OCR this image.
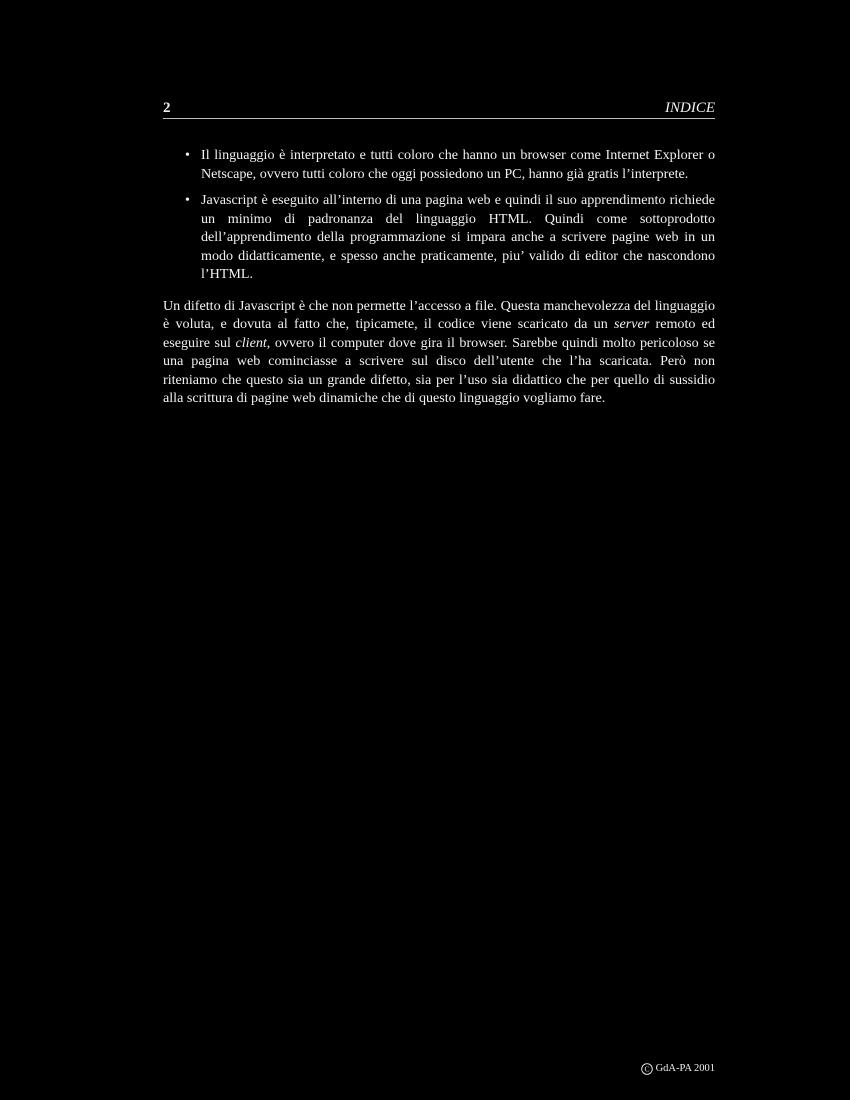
2	INDICE
• Il linguaggio è interpretato e tutti coloro che hanno un browser come Internet Explorer o Netscape, ovvero tutti coloro che oggi possiedono un PC, hanno già gratis l’interprete.
• Javascript è eseguito all’interno di una pagina web e quindi il suo apprendimento richiede un minimo di padronanza del linguaggio HTML. Quindi come sottoprodotto dell’apprendimento della programmazione si impara anche a scrivere pagine web in un modo didatticamente, e spesso anche praticamente, piu’ valido di editor che nascondono l’HTML.

Un difetto di Javascript è che non permette l’accesso a file. Questa manchevolezza del linguaggio è voluta, e dovuta al fatto che, tipicamete, il codice viene scaricato da un server remoto ed eseguire sul client, ovvero il computer dove gira il browser. Sarebbe quindi molto pericoloso se una pagina web cominciasse a scrivere sul disco dell’utente che l’ha scaricata. Però non riteniamo che questo sia un grande difetto, sia per l’uso sia didattico che per quello di sussidio alla scrittura di pagine web dinamiche che di questo linguaggio vogliamo fare.

C GdA-PA 2001
